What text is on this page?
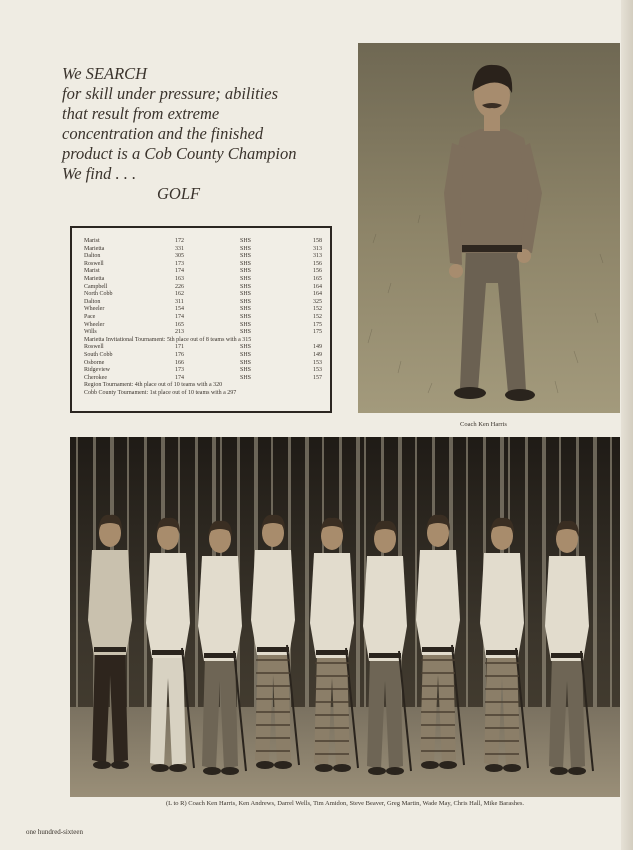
We SEARCH
for skill under pressure; abilities
that result from extreme
concentration and the finished
product is a Cob County Champion
We find . . .
GOLF
Marist	172	SHS	158
Marietta	331	SHS	313
Dalton	305	SHS	313
Roswell	173	SHS	156
Marist	174	SHS	156
Marietta	163	SHS	165
Campbell	226	SHS	164
North Cobb	162	SHS	164
Dalton	311	SHS	325
Wheeler	154	SHS	152
Pace	174	SHS	152
Wheeler	165	SHS	175
Wills	213	SHS	175
Marietta Invitational Tournament: 5th place out of 8 teams with a 315
Roswell	171	SHS	149
South Cobb	176	SHS	149
Osborne	166	SHS	153
Ridgeview	173	SHS	153
Cherokee	174	SHS	157
Region Tournament: 4th place out of 10 teams with a 320
Cobb County Tournament: 1st place out of 10 teams with a 297
Coach Ken Harris
(L to R) Coach Ken Harris, Ken Andrews, Darrel Wells, Tim Amidon, Steve Beaver, Greg Martin, Wade May, Chris Hall, Mike Barashes.
one hundred-sixteen
